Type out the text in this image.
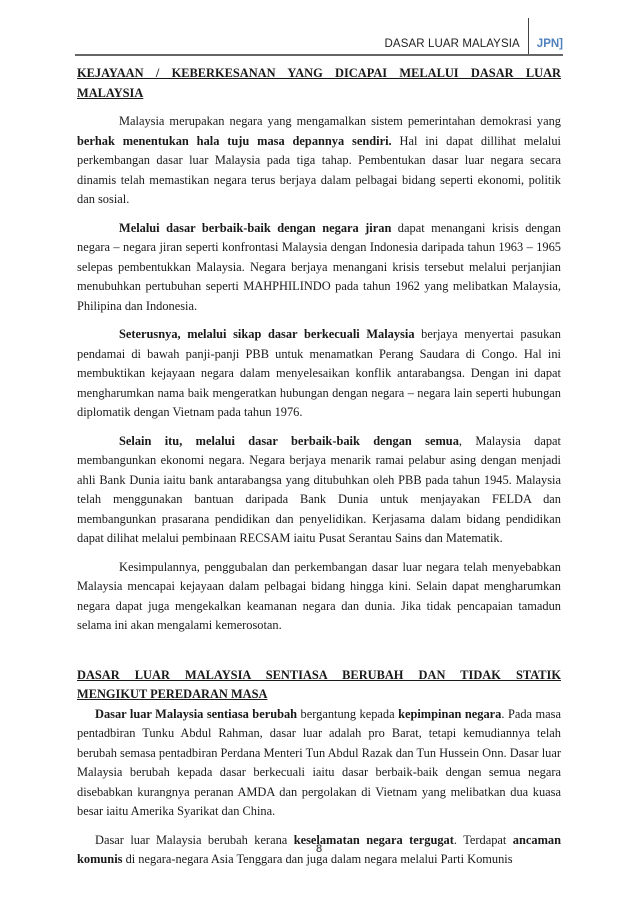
DASAR LUAR MALAYSIA	JPN]
KEJAYAAN / KEBERKESANAN YANG DICAPAI MELALUI DASAR LUAR
MALAYSIA

Malaysia merupakan negara yang mengamalkan sistem pemerintahan demokrasi yang berhak menentukan hala tuju masa depannya sendiri. Hal ini dapat dillihat melalui perkembangan dasar luar Malaysia pada tiga tahap. Pembentukan dasar luar negara secara dinamis telah memastikan negara terus berjaya dalam pelbagai bidang seperti ekonomi, politik dan sosial.

Melalui dasar berbaik-baik dengan negara jiran dapat menangani krisis dengan negara – negara jiran seperti konfrontasi Malaysia dengan Indonesia daripada tahun 1963 – 1965 selepas pembentukkan Malaysia. Negara berjaya menangani krisis tersebut melalui perjanjian menubuhkan pertubuhan seperti MAHPHILINDO pada tahun 1962 yang melibatkan Malaysia, Philipina dan Indonesia.

Seterusnya, melalui sikap dasar berkecuali Malaysia berjaya menyertai pasukan pendamai di bawah panji-panji PBB untuk menamatkan Perang Saudara di Congo. Hal ini membuktikan kejayaan negara dalam menyelesaikan konflik antarabangsa. Dengan ini dapat mengharumkan nama baik mengeratkan hubungan dengan negara – negara lain seperti hubungan diplomatik dengan Vietnam pada tahun 1976.

Selain itu, melalui dasar berbaik-baik dengan semua, Malaysia dapat membangunkan ekonomi negara. Negara berjaya menarik ramai pelabur asing dengan menjadi ahli Bank Dunia iaitu bank antarabangsa yang ditubuhkan oleh PBB pada tahun 1945. Malaysia telah menggunakan bantuan daripada Bank Dunia untuk menjayakan FELDA dan membangunkan prasarana pendidikan dan penyelidikan. Kerjasama dalam bidang pendidikan dapat dilihat melalui pembinaan RECSAM iaitu Pusat Serantau Sains dan Matematik.

Kesimpulannya, penggubalan dan perkembangan dasar luar negara telah menyebabkan Malaysia mencapai kejayaan dalam pelbagai bidang hingga kini. Selain dapat mengharumkan negara dapat juga mengekalkan keamanan negara dan dunia. Jika tidak pencapaian tamadun selama ini akan mengalami kemerosotan.

DASAR LUAR MALAYSIA SENTIASA BERUBAH DAN TIDAK STATIK
MENGIKUT PEREDARAN MASA

Dasar luar Malaysia sentiasa berubah bergantung kepada kepimpinan negara. Pada masa pentadbiran Tunku Abdul Rahman, dasar luar adalah pro Barat, tetapi kemudiannya telah berubah semasa pentadbiran Perdana Menteri Tun Abdul Razak dan Tun Hussein Onn. Dasar luar Malaysia berubah kepada dasar berkecuali iaitu dasar berbaik-baik dengan semua negara disebabkan kurangnya peranan AMDA dan pergolakan di Vietnam yang melibatkan dua kuasa besar iaitu Amerika Syarikat dan China.

Dasar luar Malaysia berubah kerana keselamatan negara tergugat. Terdapat ancaman komunis di negara-negara Asia Tenggara dan juga dalam negara melalui Parti Komunis

8
